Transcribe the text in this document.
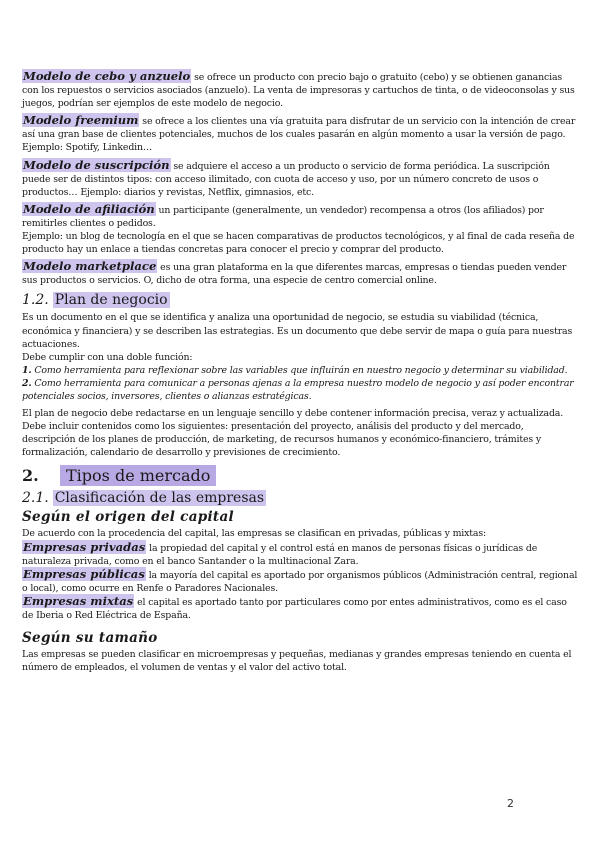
Modelo de cebo y anzuelo se ofrece un producto con precio bajo o gratuito (cebo) y se obtienen ganancias con los repuestos o servicios asociados (anzuelo). La venta de impresoras y cartuchos de tinta, o de videoconsolas y sus juegos, podrían ser ejemplos de este modelo de negocio.

Modelo freemium se ofrece a los clientes una vía gratuita para disfrutar de un servicio con la intención de crear así una gran base de clientes potenciales, muchos de los cuales pasarán en algún momento a usar la versión de pago. Ejemplo: Spotify, Linkedin…

Modelo de suscripción se adquiere el acceso a un producto o servicio de forma periódica. La suscripción puede ser de distintos tipos: con acceso ilimitado, con cuota de acceso y uso, por un número concreto de usos o productos… Ejemplo: diarios y revistas, Netflix, gimnasios, etc.

Modelo de afiliación un participante (generalmente, un vendedor) recompensa a otros (los afiliados) por remitirles clientes o pedidos.

Ejemplo: un blog de tecnología en el que se hacen comparativas de productos tecnológicos, y al final de cada reseña de producto hay un enlace a tiendas concretas para conocer el precio y comprar del producto.

Modelo marketplace es una gran plataforma en la que diferentes marcas, empresas o tiendas pueden vender sus productos o servicios. O, dicho de otra forma, una especie de centro comercial online.

1.2. Plan de negocio

Es un documento en el que se identifica y analiza una oportunidad de negocio, se estudia su viabilidad (técnica, económica y financiera) y se describen las estrategias. Es un documento que debe servir de mapa o guía para nuestras actuaciones.

Debe cumplir con una doble función:

1. Como herramienta para reflexionar sobre las variables que influirán en nuestro negocio y determinar su viabilidad.

2. Como herramienta para comunicar a personas ajenas a la empresa nuestro modelo de negocio y así poder encontrar potenciales socios, inversores, clientes o alianzas estratégicas.

El plan de negocio debe redactarse en un lenguaje sencillo y debe contener información precisa, veraz y actualizada. Debe incluir contenidos como los siguientes: presentación del proyecto, análisis del producto y del mercado, descripción de los planes de producción, de marketing, de recursos humanos y económico-financiero, trámites y formalización, calendario de desarrollo y previsiones de crecimiento.

2. Tipos de mercado
2.1. Clasificación de las empresas
Según el origen del capital

De acuerdo con la procedencia del capital, las empresas se clasifican en privadas, públicas y mixtas:

Empresas privadas la propiedad del capital y el control está en manos de personas físicas o jurídicas de naturaleza privada, como en el banco Santander o la multinacional Zara.

Empresas públicas la mayoría del capital es aportado por organismos públicos (Administración central, regional o local), como ocurre en Renfe o Paradores Nacionales.

Empresas mixtas el capital es aportado tanto por particulares como por entes administrativos, como es el caso de Iberia o Red Eléctrica de España.

Según su tamaño

Las empresas se pueden clasificar en microempresas y pequeñas, medianas y grandes empresas teniendo en cuenta el número de empleados, el volumen de ventas y el valor del activo total.

2
